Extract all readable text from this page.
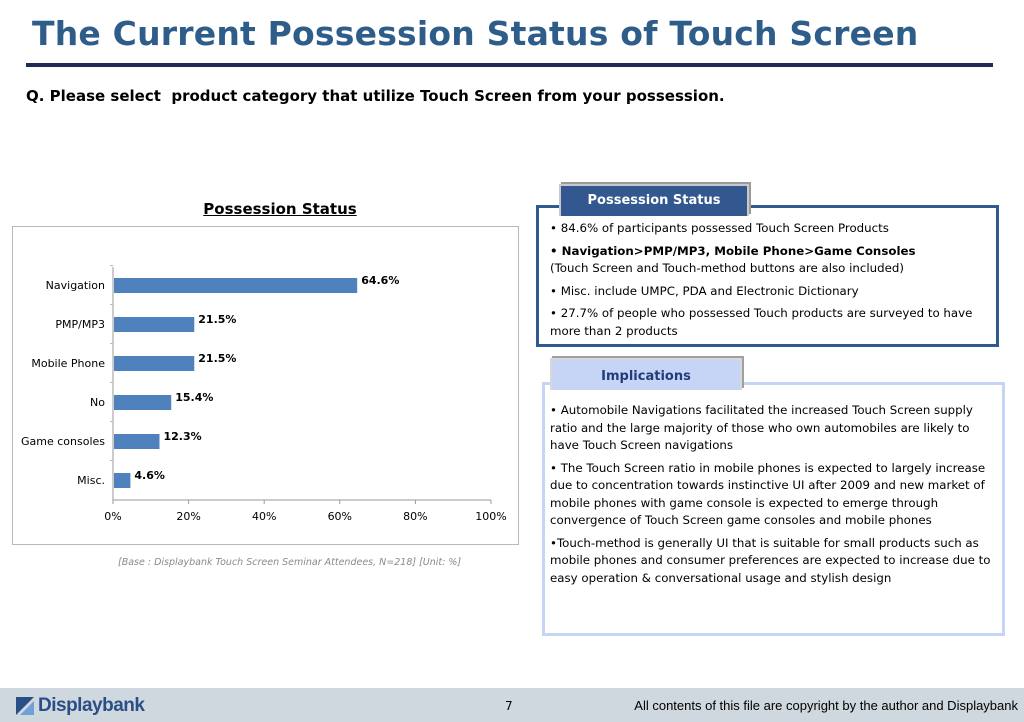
The Current Possession Status of Touch Screen
Q. Please select  product category that utilize Touch Screen from your possession.
Possession Status
0%	20%	40%	60%	80%	100%
Navigation	64.6%
PMP/MP3	21.5%
Mobile Phone	21.5%
No	15.4%
Game consoles	12.3%
Misc.	4.6%
[Base : Displaybank Touch Screen Seminar Attendees, N=218] [Unit: %]
Possession Status
• 84.6% of participants possessed Touch Screen Products
• Navigation>PMP/MP3, Mobile Phone>Game Consoles
(Touch Screen and Touch-method buttons are also included)
• Misc. include UMPC, PDA and Electronic Dictionary
• 27.7% of people who possessed Touch products are surveyed to have more than 2 products
Implications
• Automobile Navigations facilitated the increased Touch Screen supply ratio and the large majority of those who own automobiles are likely to have Touch Screen navigations
• The Touch Screen ratio in mobile phones is expected to largely increase due to concentration towards instinctive UI after 2009 and new market of mobile phones with game console is expected to emerge through convergence of Touch Screen game consoles and mobile phones
•Touch-method is generally UI that is suitable for small products such as mobile phones and consumer preferences are expected to increase due to easy operation & conversational usage and stylish design
Displaybank	7	All contents of this file are copyright by the author and Displaybank
